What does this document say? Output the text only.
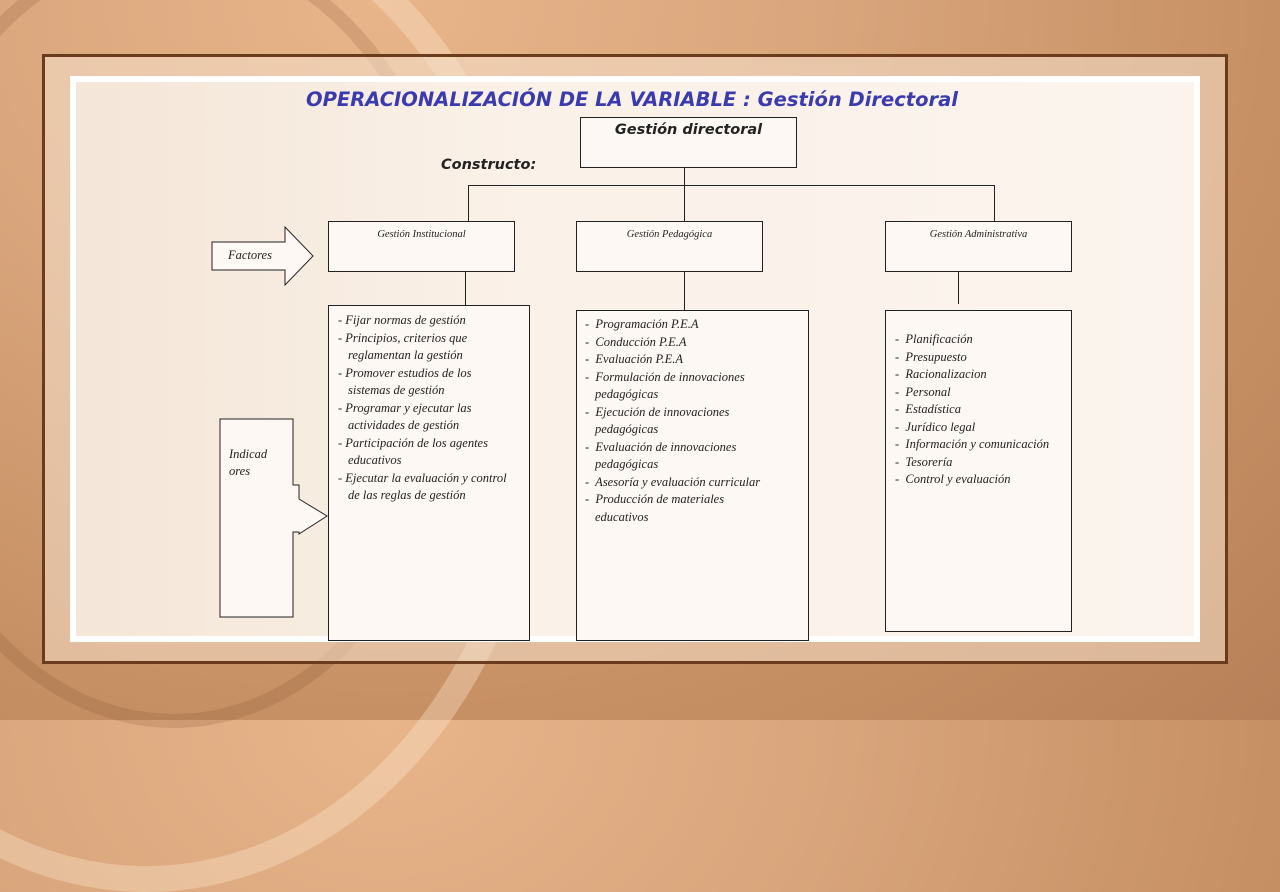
OPERACIONALIZACIÓN DE LA VARIABLE : Gestión Directoral
Gestión directoral
Constructo:
Gestión Institucional	Gestión Pedagógica	Gestión Administrativa
Factores
Indicad
ores
- Fijar normas de gestión
- Principios, criterios que reglamentan la gestión
- Promover estudios de los sistemas de gestión
- Programar y ejecutar las actividades de gestión
- Participación de los agentes educativos
- Ejecutar la evaluación y control de las reglas de gestión
-  Programación P.E.A
-  Conducción P.E.A
-  Evaluación P.E.A
-  Formulación de innovaciones pedagógicas
-  Ejecución de innovaciones pedagógicas
-  Evaluación de innovaciones pedagógicas
-  Asesoría y evaluación curricular
-  Producción de materiales educativos
-  Planificación
-  Presupuesto
-  Racionalizacion
-  Personal
-  Estadística
-  Jurídico legal
-  Información y comunicación
-  Tesorería
-  Control y evaluación
